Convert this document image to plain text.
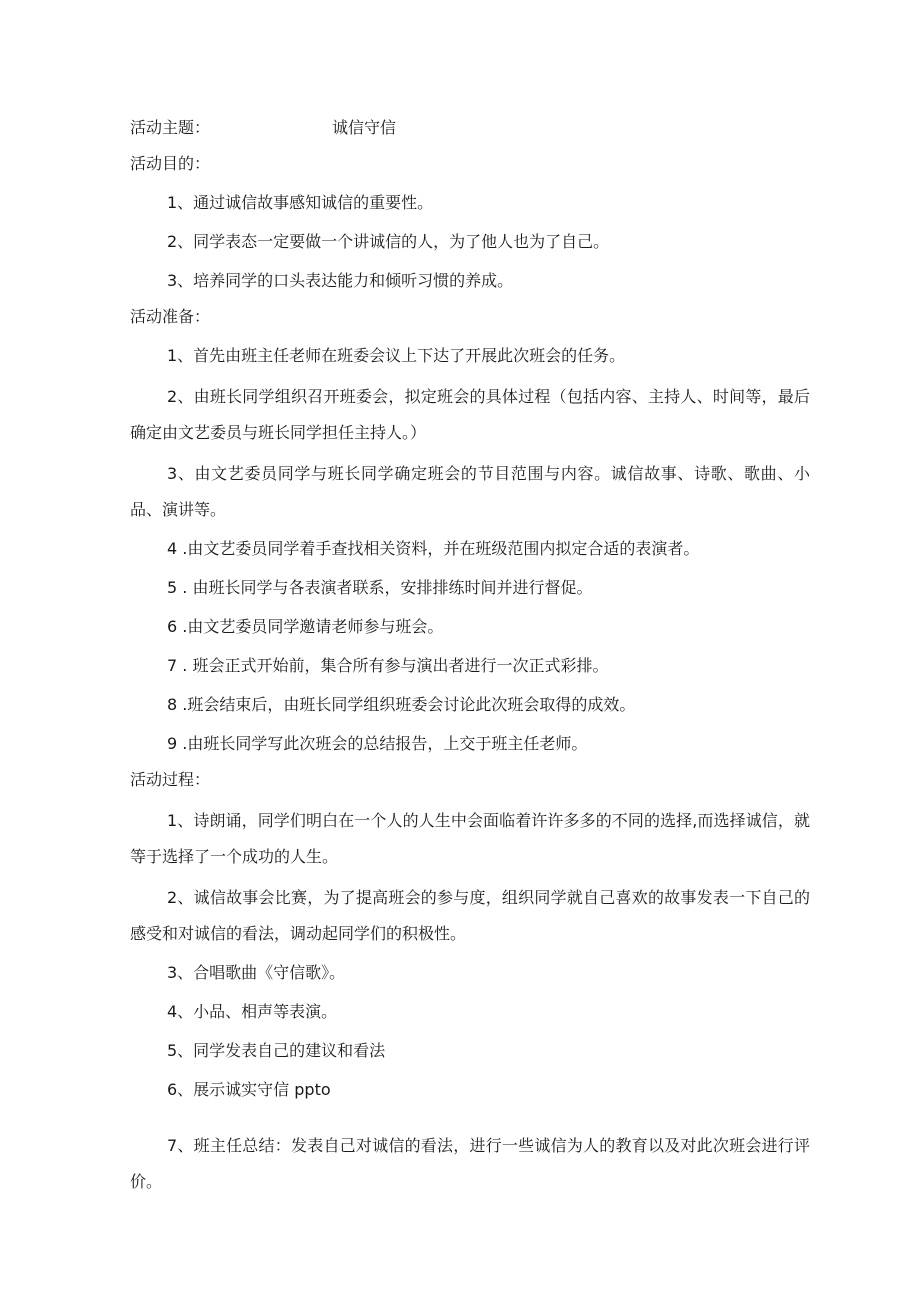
活动主题：	诚信守信

活动目的：

1、通过诚信故事感知诚信的重要性。

2、同学表态一定要做一个讲诚信的人，为了他人也为了自己。

3、培养同学的口头表达能力和倾听习惯的养成。

活动准备：

1、首先由班主任老师在班委会议上下达了开展此次班会的任务。

2、由班长同学组织召开班委会，拟定班会的具体过程（包括内容、主持人、时间等，最后确定由文艺委员与班长同学担任主持人。）

3、由文艺委员同学与班长同学确定班会的节目范围与内容。诚信故事、诗歌、歌曲、小品、演讲等。

4 .由文艺委员同学着手查找相关资料，并在班级范围内拟定合适的表演者。

5 . 由班长同学与各表演者联系，安排排练时间并进行督促。

6 .由文艺委员同学邀请老师参与班会。

7 . 班会正式开始前，集合所有参与演出者进行一次正式彩排。

8 .班会结束后，由班长同学组织班委会讨论此次班会取得的成效。

9 .由班长同学写此次班会的总结报告，上交于班主任老师。

活动过程：

1、诗朗诵，同学们明白在一个人的人生中会面临着许许多多的不同的选择,而选择诚信，就等于选择了一个成功的人生。

2、诚信故事会比赛，为了提高班会的参与度，组织同学就自己喜欢的故事发表一下自己的感受和对诚信的看法，调动起同学们的积极性。

3、合唱歌曲《守信歌》。

4、小品、相声等表演。

5、同学发表自己的建议和看法

6、展示诚实守信 ppto

7、班主任总结：发表自己对诚信的看法，进行一些诚信为人的教育以及对此次班会进行评价。
